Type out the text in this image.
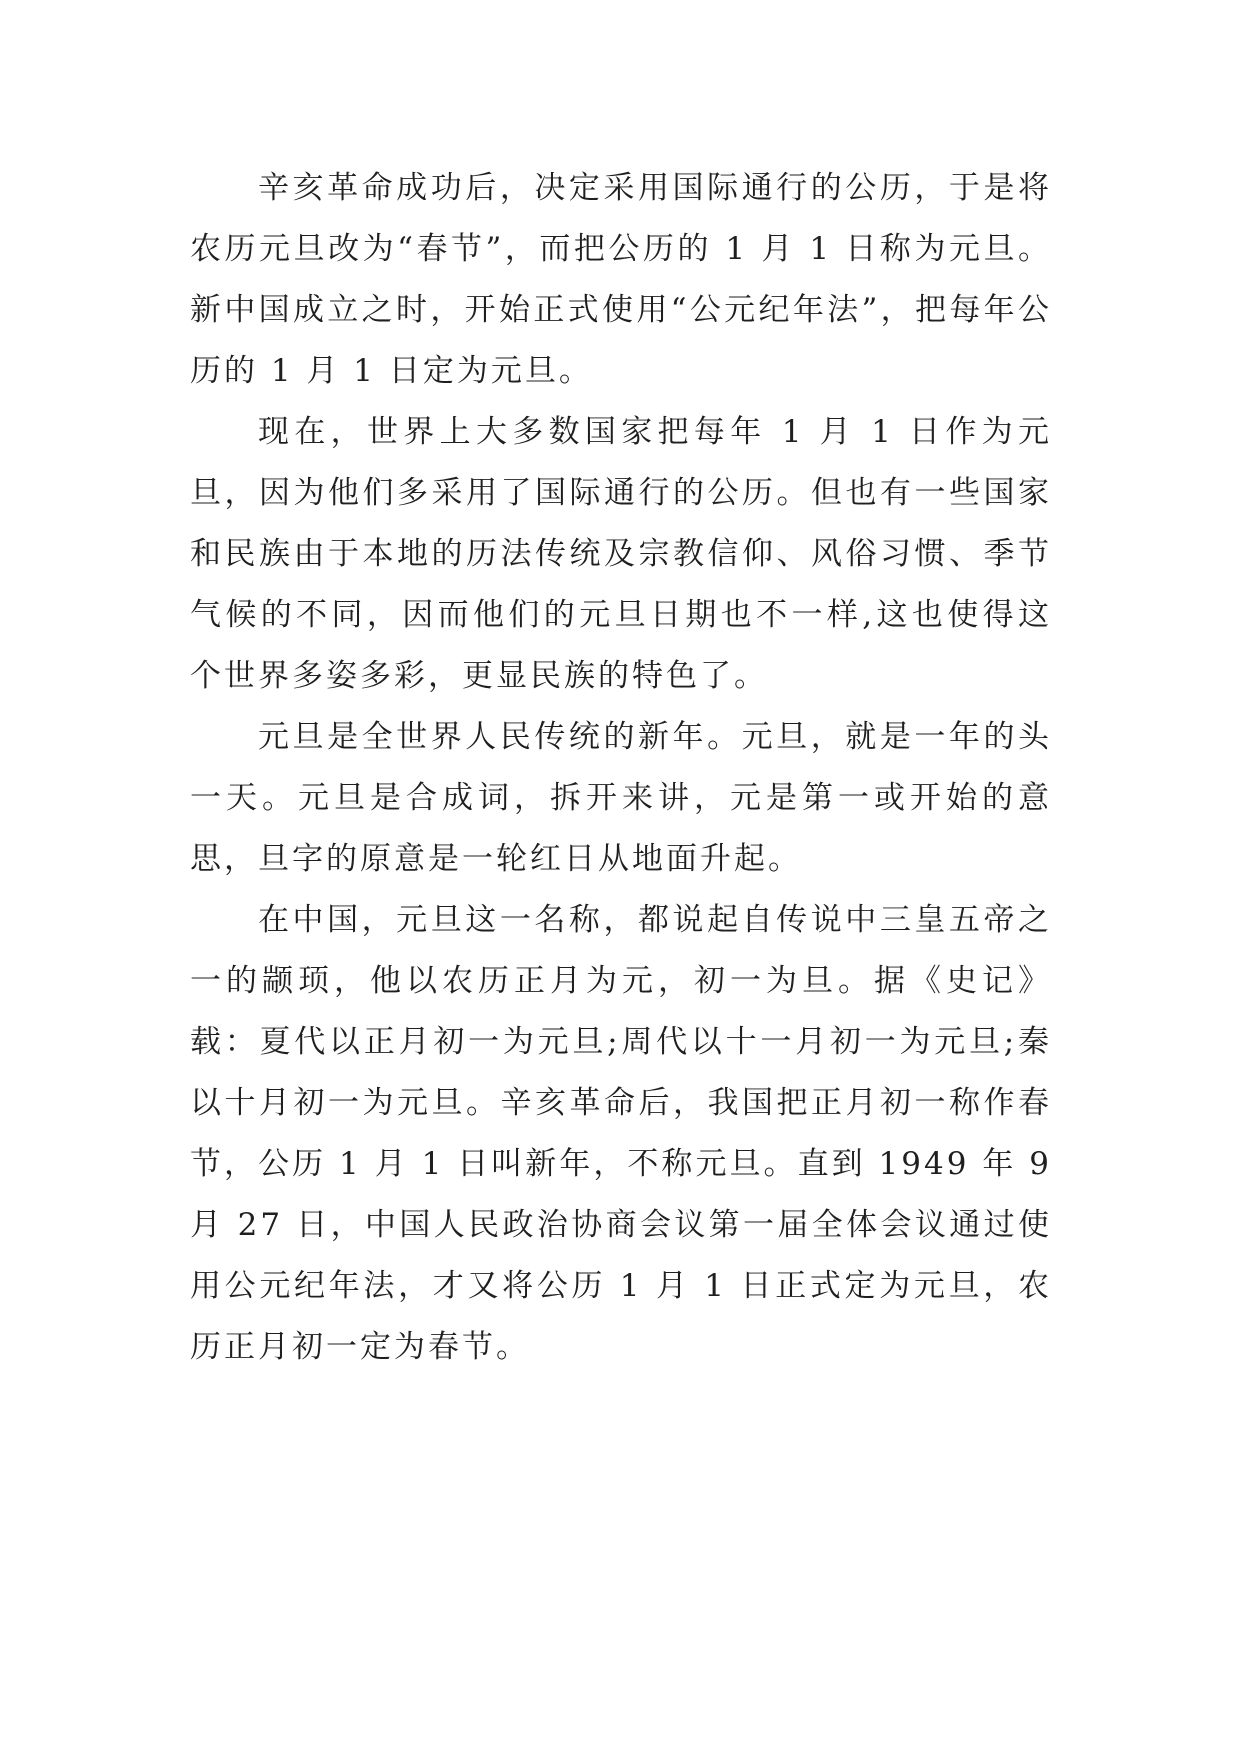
辛亥革命成功后，决定采用国际通行的公历，于是将农历元旦改为“春节”，而把公历的 1 月 1 日称为元旦。新中国成立之时，开始正式使用“公元纪年法”，把每年公历的 1 月 1 日定为元旦。

现在，世界上大多数国家把每年 1 月 1 日作为元旦，因为他们多采用了国际通行的公历。但也有一些国家和民族由于本地的历法传统及宗教信仰、风俗习惯、季节气候的不同，因而他们的元旦日期也不一样,这也使得这个世界多姿多彩，更显民族的特色了。

元旦是全世界人民传统的新年。元旦，就是一年的头一天。元旦是合成词，拆开来讲，元是第一或开始的意思，旦字的原意是一轮红日从地面升起。

在中国，元旦这一名称，都说起自传说中三皇五帝之一的颛顼，他以农历正月为元，初一为旦。据《史记》载：夏代以正月初一为元旦;周代以十一月初一为元旦;秦以十月初一为元旦。辛亥革命后，我国把正月初一称作春节，公历 1 月 1 日叫新年，不称元旦。直到 1949 年 9 月 27 日，中国人民政治协商会议第一届全体会议通过使用公元纪年法，才又将公历 1 月 1 日正式定为元旦，农历正月初一定为春节。
